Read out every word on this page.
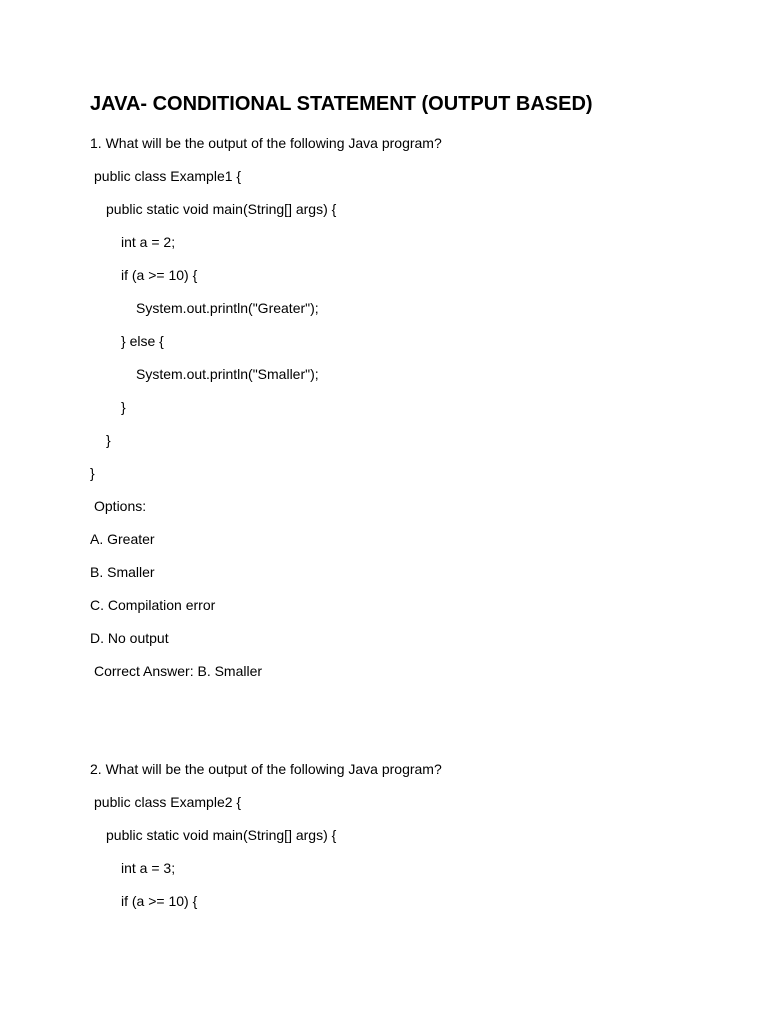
JAVA- CONDITIONAL STATEMENT (OUTPUT BASED)
1. What will be the output of the following Java program?
public class Example1 {
public static void main(String[] args) {
int a = 2;
if (a >= 10) {
System.out.println("Greater");
} else {
System.out.println("Smaller");
}
}
}
Options:
A. Greater
B. Smaller
C. Compilation error
D. No output
Correct Answer: B. Smaller
2. What will be the output of the following Java program?
public class Example2 {
public static void main(String[] args) {
int a = 3;
if (a >= 10) {
